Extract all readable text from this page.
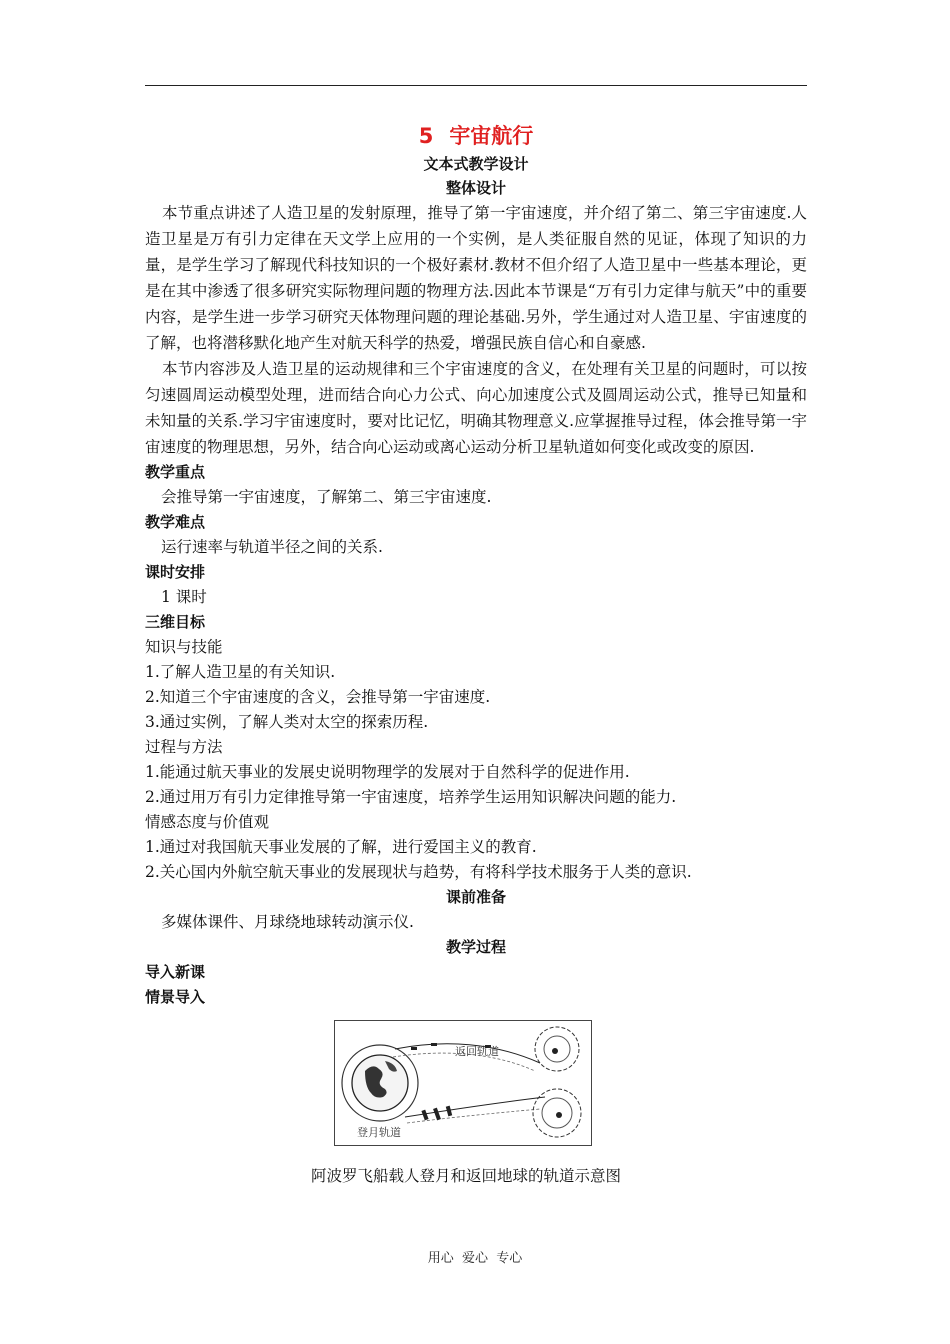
5 宇宙航行
文本式教学设计
整体设计

本节重点讲述了人造卫星的发射原理，推导了第一宇宙速度，并介绍了第二、第三宇宙速度.人造卫星是万有引力定律在天文学上应用的一个实例，是人类征服自然的见证，体现了知识的力量，是学生学习了解现代科技知识的一个极好素材.教材不但介绍了人造卫星中一些基本理论，更是在其中渗透了很多研究实际物理问题的物理方法.因此本节课是“万有引力定律与航天”中的重要内容，是学生进一步学习研究天体物理问题的理论基础.另外，学生通过对人造卫星、宇宙速度的了解，也将潜移默化地产生对航天科学的热爱，增强民族自信心和自豪感.

本节内容涉及人造卫星的运动规律和三个宇宙速度的含义，在处理有关卫星的问题时，可以按匀速圆周运动模型处理，进而结合向心力公式、向心加速度公式及圆周运动公式，推导已知量和未知量的关系.学习宇宙速度时，要对比记忆，明确其物理意义.应掌握推导过程，体会推导第一宇宙速度的物理思想，另外，结合向心运动或离心运动分析卫星轨道如何变化或改变的原因.

教学重点
会推导第一宇宙速度，了解第二、第三宇宙速度.
教学难点
运行速率与轨道半径之间的关系.
课时安排
1 课时
三维目标
知识与技能
1.了解人造卫星的有关知识.
2.知道三个宇宙速度的含义，会推导第一宇宙速度.
3.通过实例，了解人类对太空的探索历程.
过程与方法
1.能通过航天事业的发展史说明物理学的发展对于自然科学的促进作用.
2.通过用万有引力定律推导第一宇宙速度，培养学生运用知识解决问题的能力.
情感态度与价值观
1.通过对我国航天事业发展的了解，进行爱国主义的教育.
2.关心国内外航空航天事业的发展现状与趋势，有将科学技术服务于人类的意识.
课前准备
多媒体课件、月球绕地球转动演示仪.
教学过程
导入新课
情景导入
返回轨道
登月轨道
阿波罗飞船载人登月和返回地球的轨道示意图
用心  爱心  专心
